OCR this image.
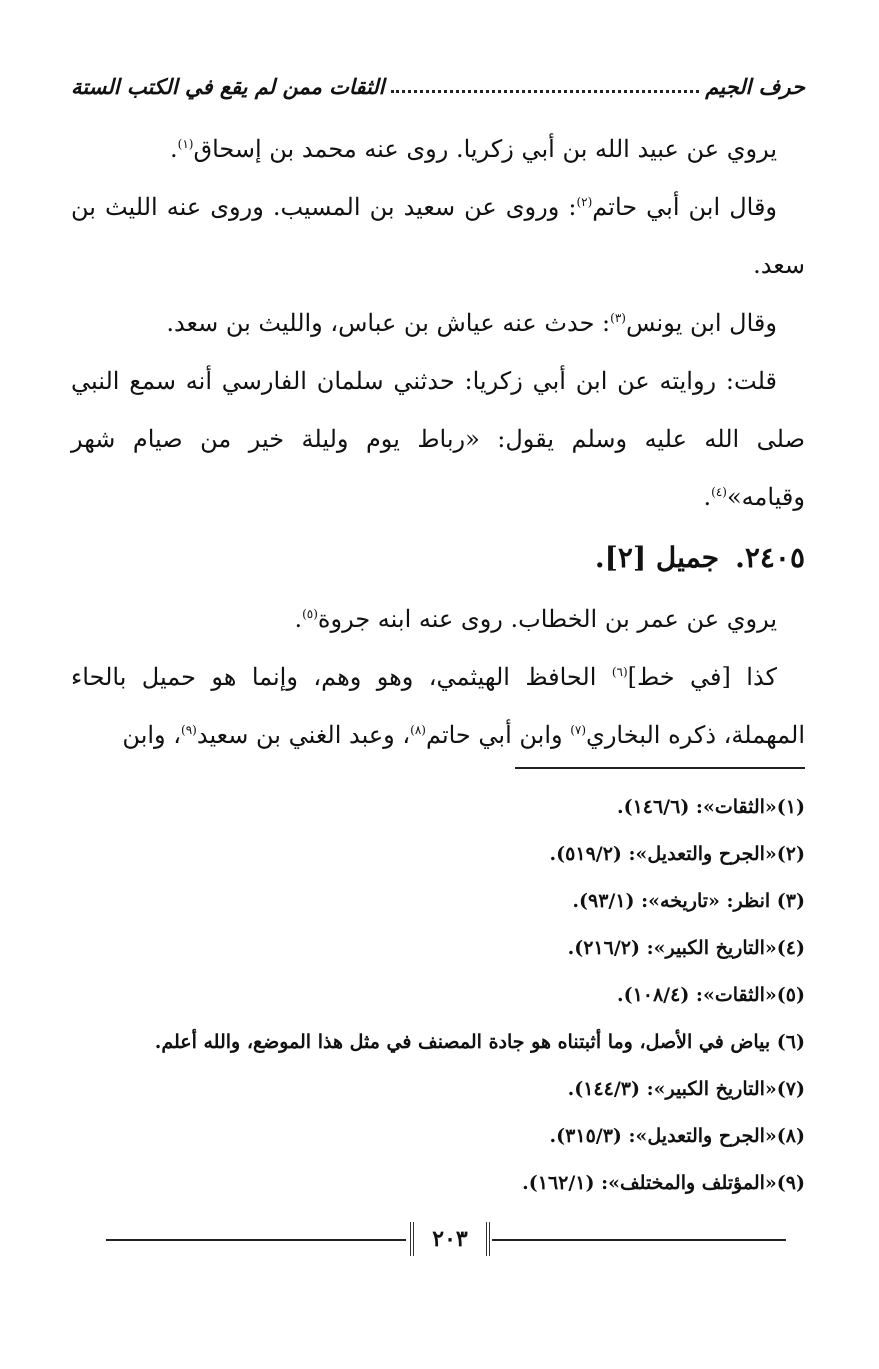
حرف الجيم
الثقات ممن لم يقع في الكتب الستة

يروي عن عبيد الله بن أبي زكريا. روى عنه محمد بن إسحاق$^{(١)}$.

وقال ابن أبي حاتم$^{(٢)}$: وروى عن سعيد بن المسيب. وروى عنه الليث بن سعد.

وقال ابن يونس$^{(٣)}$: حدث عنه عياش بن عباس، والليث بن سعد.

قلت: روايته عن ابن أبي زكريا: حدثني سلمان الفارسي أنه سمع النبي صلى الله عليه وسلم يقول: «رباط يوم وليلة خير من صيام شهر وقيامه»$^{(٤)}$.

٢٤٠٥.جميل [٢].

يروي عن عمر بن الخطاب. روى عنه ابنه جروة$^{(٥)}$.

كذا [في خط]$^{(٦)}$ الحافظ الهيثمي، وهو وهم، وإنما هو حميل بالحاء المهملة، ذكره البخاري$^{(٧)}$ وابن أبي حاتم$^{(٨)}$، وعبد الغني بن سعيد$^{(٩)}$، وابن

(١)«الثقات»: (١٤٦/٦).

(٢)«الجرح والتعديل»: (٥١٩/٢).

(٣) انظر: «تاريخه»: (٩٣/١).

(٤)«التاريخ الكبير»: (٢١٦/٢).

(٥)«الثقات»: (١٠٨/٤).

(٦) بياض في الأصل، وما أثبتناه هو جادة المصنف في مثل هذا الموضع، والله أعلم.

(٧)«التاريخ الكبير»: (١٤٤/٣).

(٨)«الجرح والتعديل»: (٣١٥/٣).

(٩)«المؤتلف والمختلف»: (١٦٢/١).

٢٠٣
